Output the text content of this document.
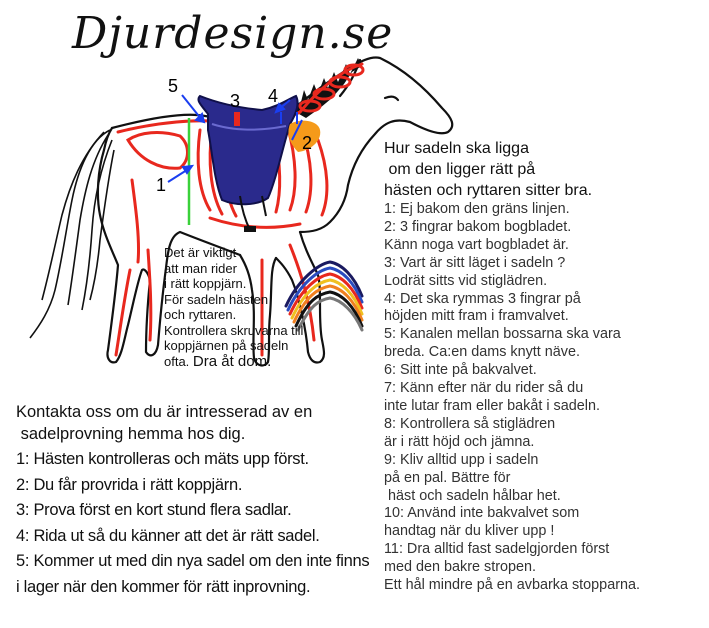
Djurdesign.se
1
2
3 4
5
Det är viktigt
att man rider
i rätt koppjärn.
För sadeln hästen
och ryttaren.
Kontrollera skruvarna till
koppjärnen på sadeln
ofta. Dra åt dom.
Hur sadeln ska ligga
om den ligger rätt på
hästen och ryttaren sitter bra.
1: Ej bakom den gräns linjen.
2: 3 fingrar bakom bogbladet.
Känn noga vart bogbladet är.
3: Vart är sitt läget i sadeln ?
Lodrät sitts vid stiglädren.
4: Det ska rymmas 3 fingrar på
höjden mitt fram i framvalvet.
5: Kanalen mellan bossarna ska vara
breda. Ca:en dams knytt näve.
6: Sitt inte på bakvalvet.
7: Känn efter när du rider så du
inte lutar fram eller bakåt i sadeln.
8: Kontrollera så stiglädren
är i rätt höjd och jämna.
9: Kliv alltid upp i sadeln
på en pal. Bättre för
häst och sadeln hålbar het.
10: Använd inte bakvalvet som
handtag när du kliver upp !
11: Dra alltid fast sadelgjorden först
med den bakre stropen.
Ett hål mindre på en avbarka stopparna.
Kontakta oss om du är intresserad av en
sadelprovning hemma hos dig.
1: Hästen kontrolleras och mäts upp först.
2: Du får provrida i rätt koppjärn.
3: Prova först en kort stund flera sadlar.
4: Rida ut så du känner att det är rätt sadel.
5: Kommer ut med din nya sadel om den inte finns
i lager när den kommer för rätt inprovning.
